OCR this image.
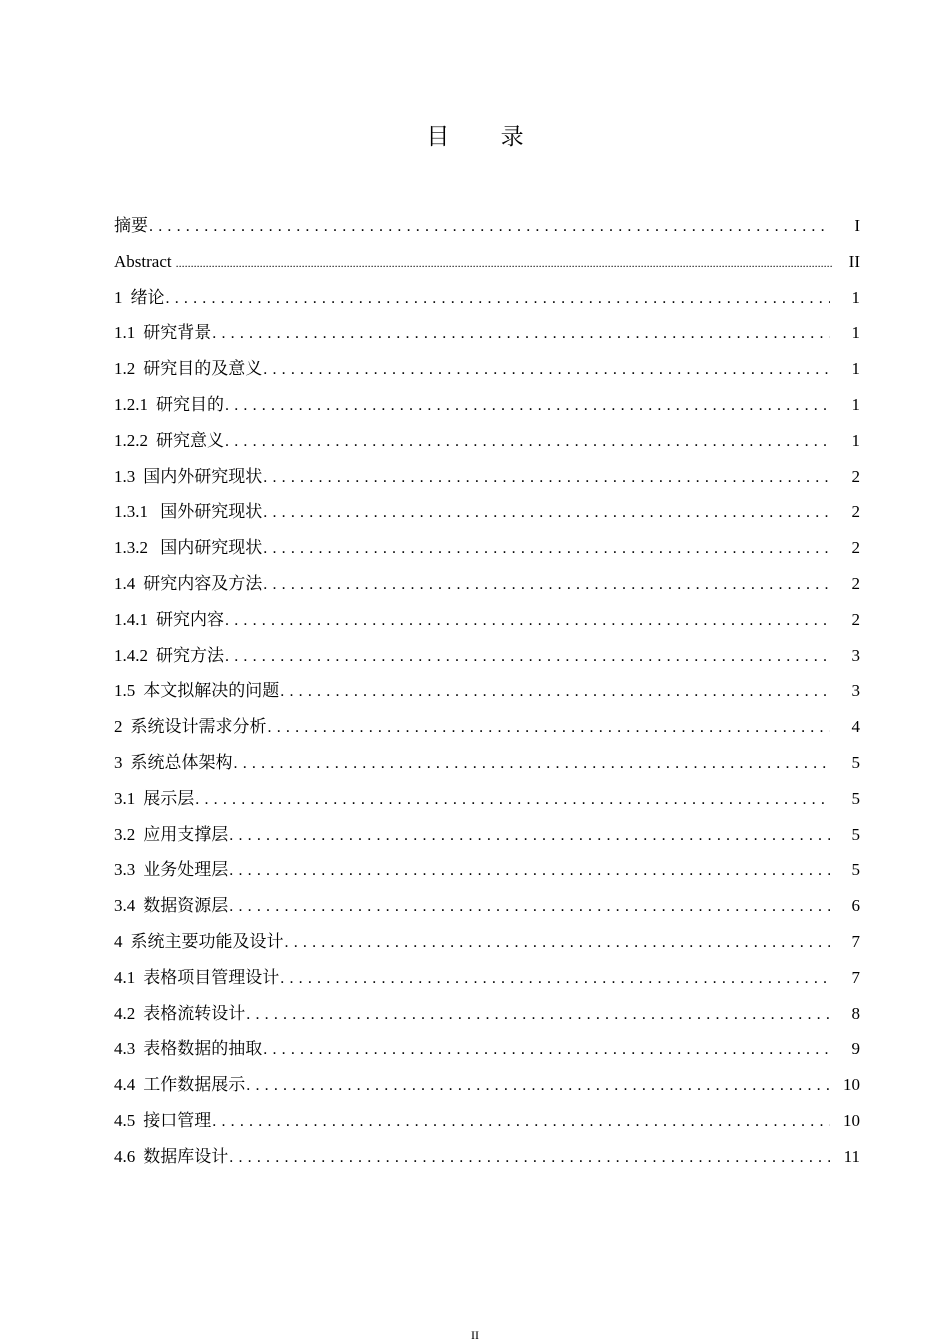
目 录
摘要 . . .	I
Abstract .....	II
1 绪论 . . .	1
1.1 研究背景 . . .	1
1.2 研究目的及意义 . . .	1
1.2.1 研究目的 . . .	1
1.2.2 研究意义 . . .	1
1.3 国内外研究现状 . . .	2
1.3.1 国外研究现状 . . .	2
1.3.2 国内研究现状 . . .	2
1.4 研究内容及方法 . . .	2
1.4.1 研究内容 . . .	2
1.4.2 研究方法 . . .	3
1.5 本文拟解决的问题 . . .	3
2 系统设计需求分析 . . .	4
3 系统总体架构 . . .	5
3.1 展示层 . . .	5
3.2 应用支撑层 . . .	5
3.3 业务处理层 . . .	5
3.4 数据资源层 . . .	6
4 系统主要功能及设计 . . .	7
4.1 表格项目管理设计 . . .	7
4.2 表格流转设计 . . .	8
4.3 表格数据的抽取 . . .	9
4.4 工作数据展示 . . .	10
4.5 接口管理 . . .	10
4.6 数据库设计 . . .	11
II
